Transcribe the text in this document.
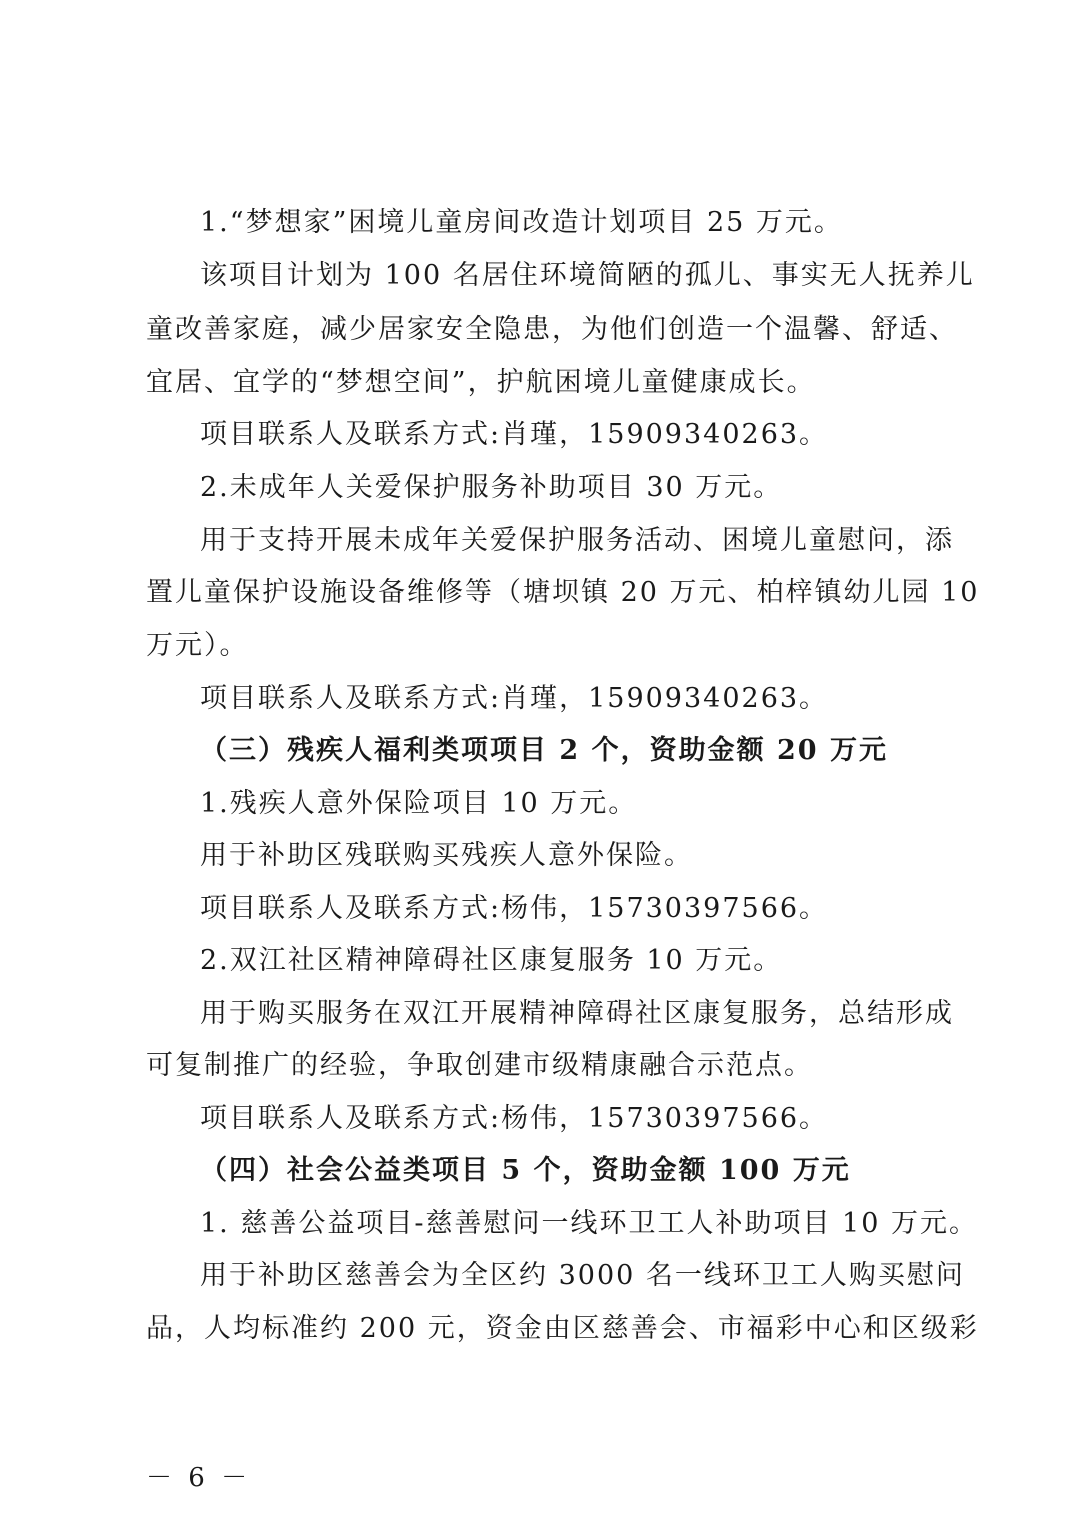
1.“梦想家”困境儿童房间改造计划项目 25 万元。
该项目计划为 100 名居住环境简陋的孤儿、事实无人抚养儿
童改善家庭，减少居家安全隐患，为他们创造一个温馨、舒适、
宜居、宜学的“梦想空间”，护航困境儿童健康成长。
项目联系人及联系方式:肖瑾，15909340263。
2.未成年人关爱保护服务补助项目 30 万元。
用于支持开展未成年关爱保护服务活动、困境儿童慰问，添
置儿童保护设施设备维修等（塘坝镇 20 万元、柏梓镇幼儿园 10
万元）。
项目联系人及联系方式:肖瑾，15909340263。
（三）残疾人福利类项项目 2 个，资助金额 20 万元
1.残疾人意外保险项目 10 万元。
用于补助区残联购买残疾人意外保险。
项目联系人及联系方式:杨伟，15730397566。
2.双江社区精神障碍社区康复服务 10 万元。
用于购买服务在双江开展精神障碍社区康复服务，总结形成
可复制推广的经验，争取创建市级精康融合示范点。
项目联系人及联系方式:杨伟，15730397566。
（四）社会公益类项目 5 个，资助金额 100 万元
1. 慈善公益项目-慈善慰问一线环卫工人补助项目 10 万元。
用于补助区慈善会为全区约 3000 名一线环卫工人购买慰问
品，人均标准约 200 元，资金由区慈善会、市福彩中心和区级彩
－ 6 －
